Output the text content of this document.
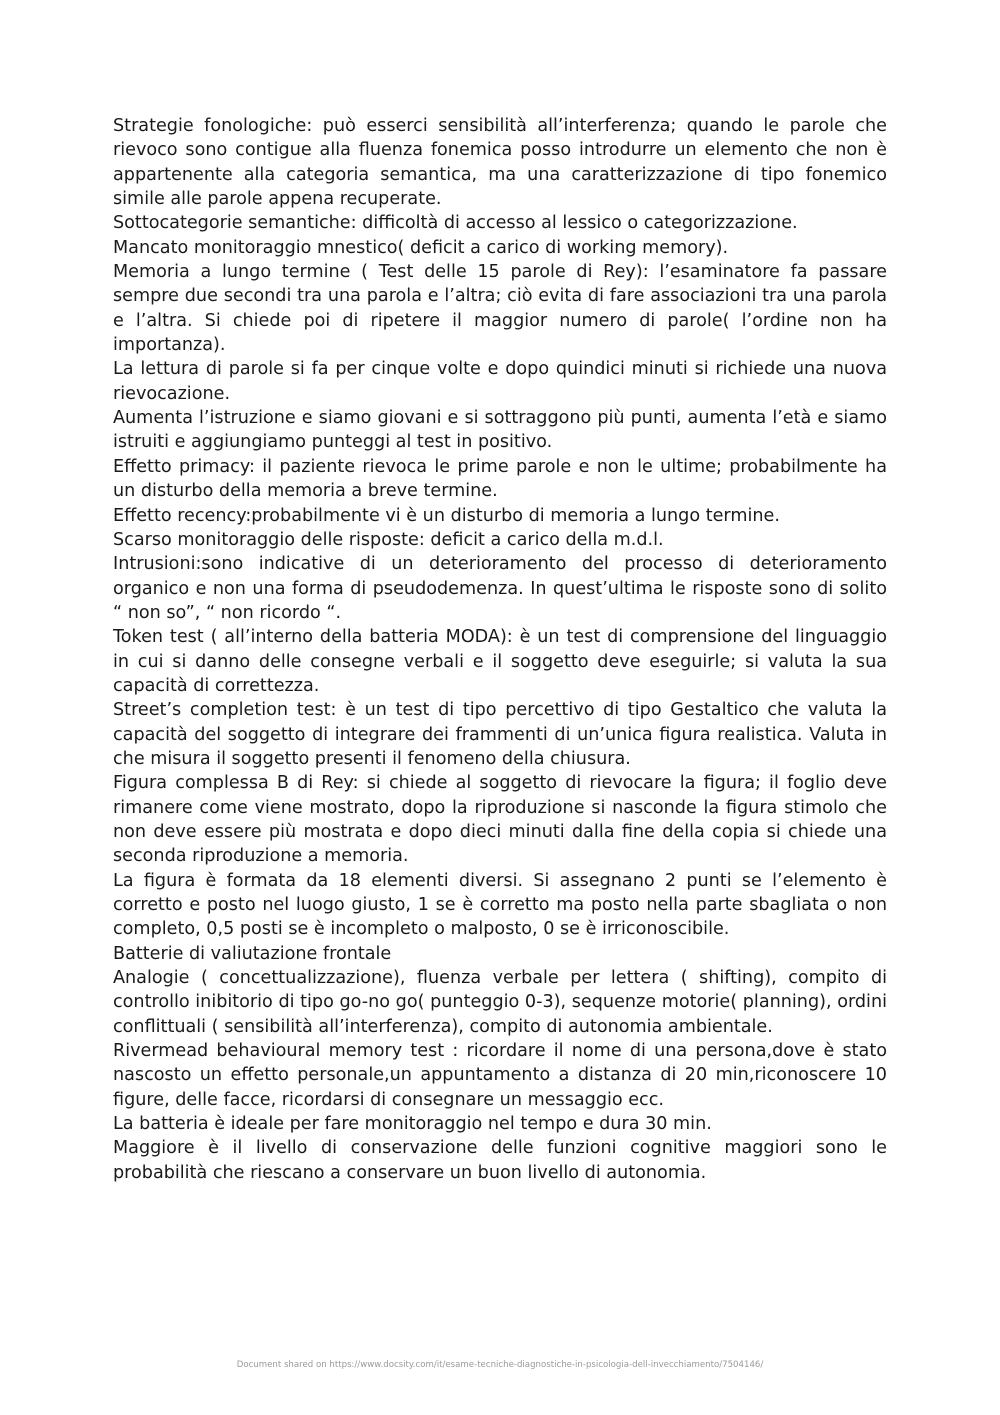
Strategie fonologiche: può esserci sensibilità all’interferenza; quando le parole che rievoco sono contigue alla fluenza fonemica posso introdurre un elemento che non è appartenente alla categoria semantica, ma una caratterizzazione di tipo fonemico simile alle parole appena recuperate.

Sottocategorie semantiche: difficoltà di accesso al lessico o categorizzazione.

Mancato monitoraggio mnestico( deficit a carico di working memory).

Memoria a lungo termine ( Test delle 15 parole di Rey): l’esaminatore fa passare sempre due secondi tra una parola e l’altra; ciò evita di fare associazioni tra una parola e l’altra. Si chiede poi di ripetere il maggior numero di parole( l’ordine non ha importanza).

La lettura di parole si fa per cinque volte e dopo quindici minuti si richiede una nuova rievocazione.

Aumenta l’istruzione e siamo giovani e si sottraggono più punti, aumenta l’età e siamo istruiti e aggiungiamo punteggi al test in positivo.

Effetto primacy: il paziente rievoca le prime parole e non le ultime; probabilmente ha un disturbo della memoria a breve termine.

Effetto recency:probabilmente vi è un disturbo di memoria a lungo termine.

Scarso monitoraggio delle risposte: deficit a carico della m.d.l.

Intrusioni:sono indicative di un deterioramento del processo di deterioramento organico e non una forma di pseudodemenza. In quest’ultima le risposte sono di solito “ non so”, “ non ricordo “.

Token test ( all’interno della batteria MODA): è un test di comprensione del linguaggio in cui si danno delle consegne verbali e il soggetto deve eseguirle; si valuta la sua capacità di correttezza.

Street’s completion test: è un test di tipo percettivo di tipo Gestaltico che valuta la capacità del soggetto di integrare dei frammenti di un’unica figura realistica. Valuta in che misura il soggetto presenti il fenomeno della chiusura.

Figura complessa B di Rey: si chiede al soggetto di rievocare la figura; il foglio deve rimanere come viene mostrato, dopo la riproduzione si nasconde la figura stimolo che non deve essere più mostrata e dopo dieci minuti dalla fine della copia si chiede una seconda riproduzione a memoria.

La figura è formata da 18 elementi diversi. Si assegnano 2 punti se l’elemento è corretto e posto nel luogo giusto, 1 se è corretto ma posto nella parte sbagliata o non completo, 0,5 posti se è incompleto o malposto, 0 se è irriconoscibile.

Batterie di valiutazione frontale

Analogie ( concettualizzazione), fluenza verbale per lettera ( shifting), compito di controllo inibitorio di tipo go-no go( punteggio 0-3), sequenze motorie( planning), ordini conflittuali ( sensibilità all’interferenza), compito di autonomia ambientale.

Rivermead behavioural memory test : ricordare il nome di una persona,dove è stato nascosto un effetto personale,un appuntamento a distanza di 20 min,riconoscere 10 figure, delle facce, ricordarsi di consegnare un messaggio ecc.

La batteria è ideale per fare monitoraggio nel tempo e dura 30 min.

Maggiore è il livello di conservazione delle funzioni cognitive maggiori sono le probabilità che riescano a conservare un buon livello di autonomia.

Document shared on https://www.docsity.com/it/esame-tecniche-diagnostiche-in-psicologia-dell-invecchiamento/7504146/
